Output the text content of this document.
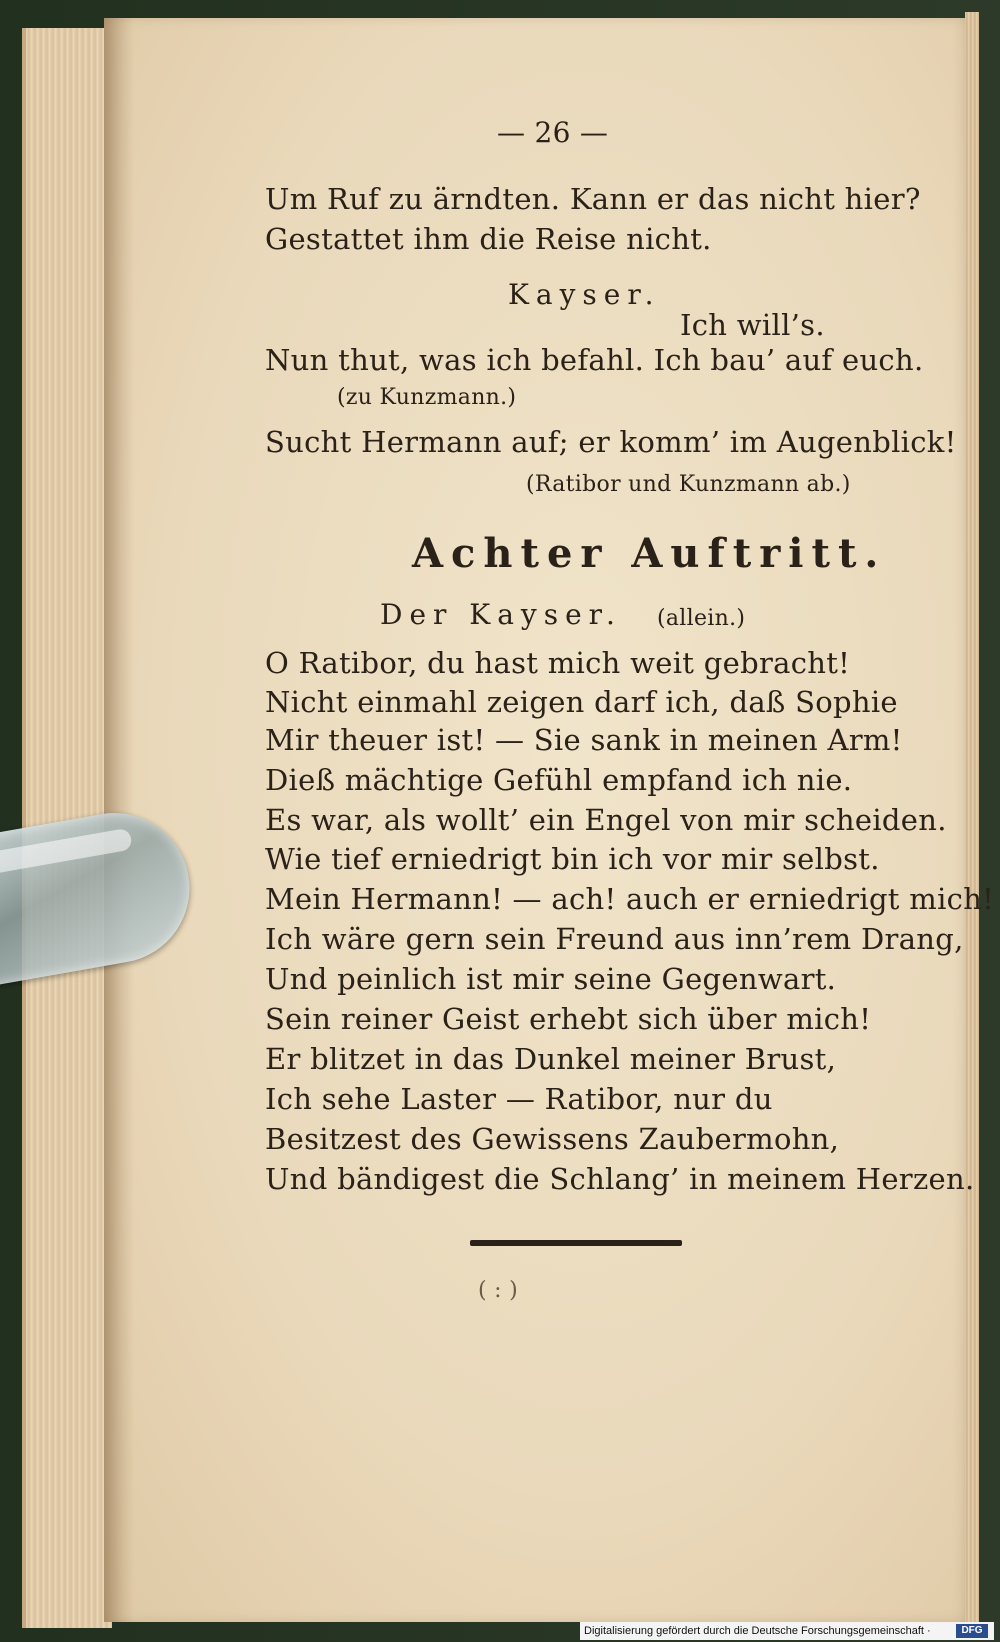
— 26 —
Um Ruf zu ärndten. Kann er das nicht hier?
Gestattet ihm die Reise nicht.
Kayser.
Ich will’s.
Nun thut, was ich befahl. Ich bau’ auf euch.
(zu Kunzmann.)
Sucht Hermann auf; er komm’ im Augenblick!
(Ratibor und Kunzmann ab.)
Achter Auftritt.
Der Kayser. (allein.)
O Ratibor, du hast mich weit gebracht!
Nicht einmahl zeigen darf ich, daß Sophie
Mir theuer ist! — Sie sank in meinen Arm!
Dieß mächtige Gefühl empfand ich nie.
Es war, als wollt’ ein Engel von mir scheiden.
Wie tief erniedrigt bin ich vor mir selbst.
Mein Hermann! — ach! auch er erniedrigt mich!
Ich wäre gern sein Freund aus inn’rem Drang,
Und peinlich ist mir seine Gegenwart.
Sein reiner Geist erhebt sich über mich!
Er blitzet in das Dunkel meiner Brust,
Ich sehe Laster — Ratibor, nur du
Besitzest des Gewissens Zaubermohn,
Und bändigest die Schlang’ in meinem Herzen.
( : )
Digitalisierung gefördert durch die Deutsche Forschungsgemeinschaft ·	DFG
